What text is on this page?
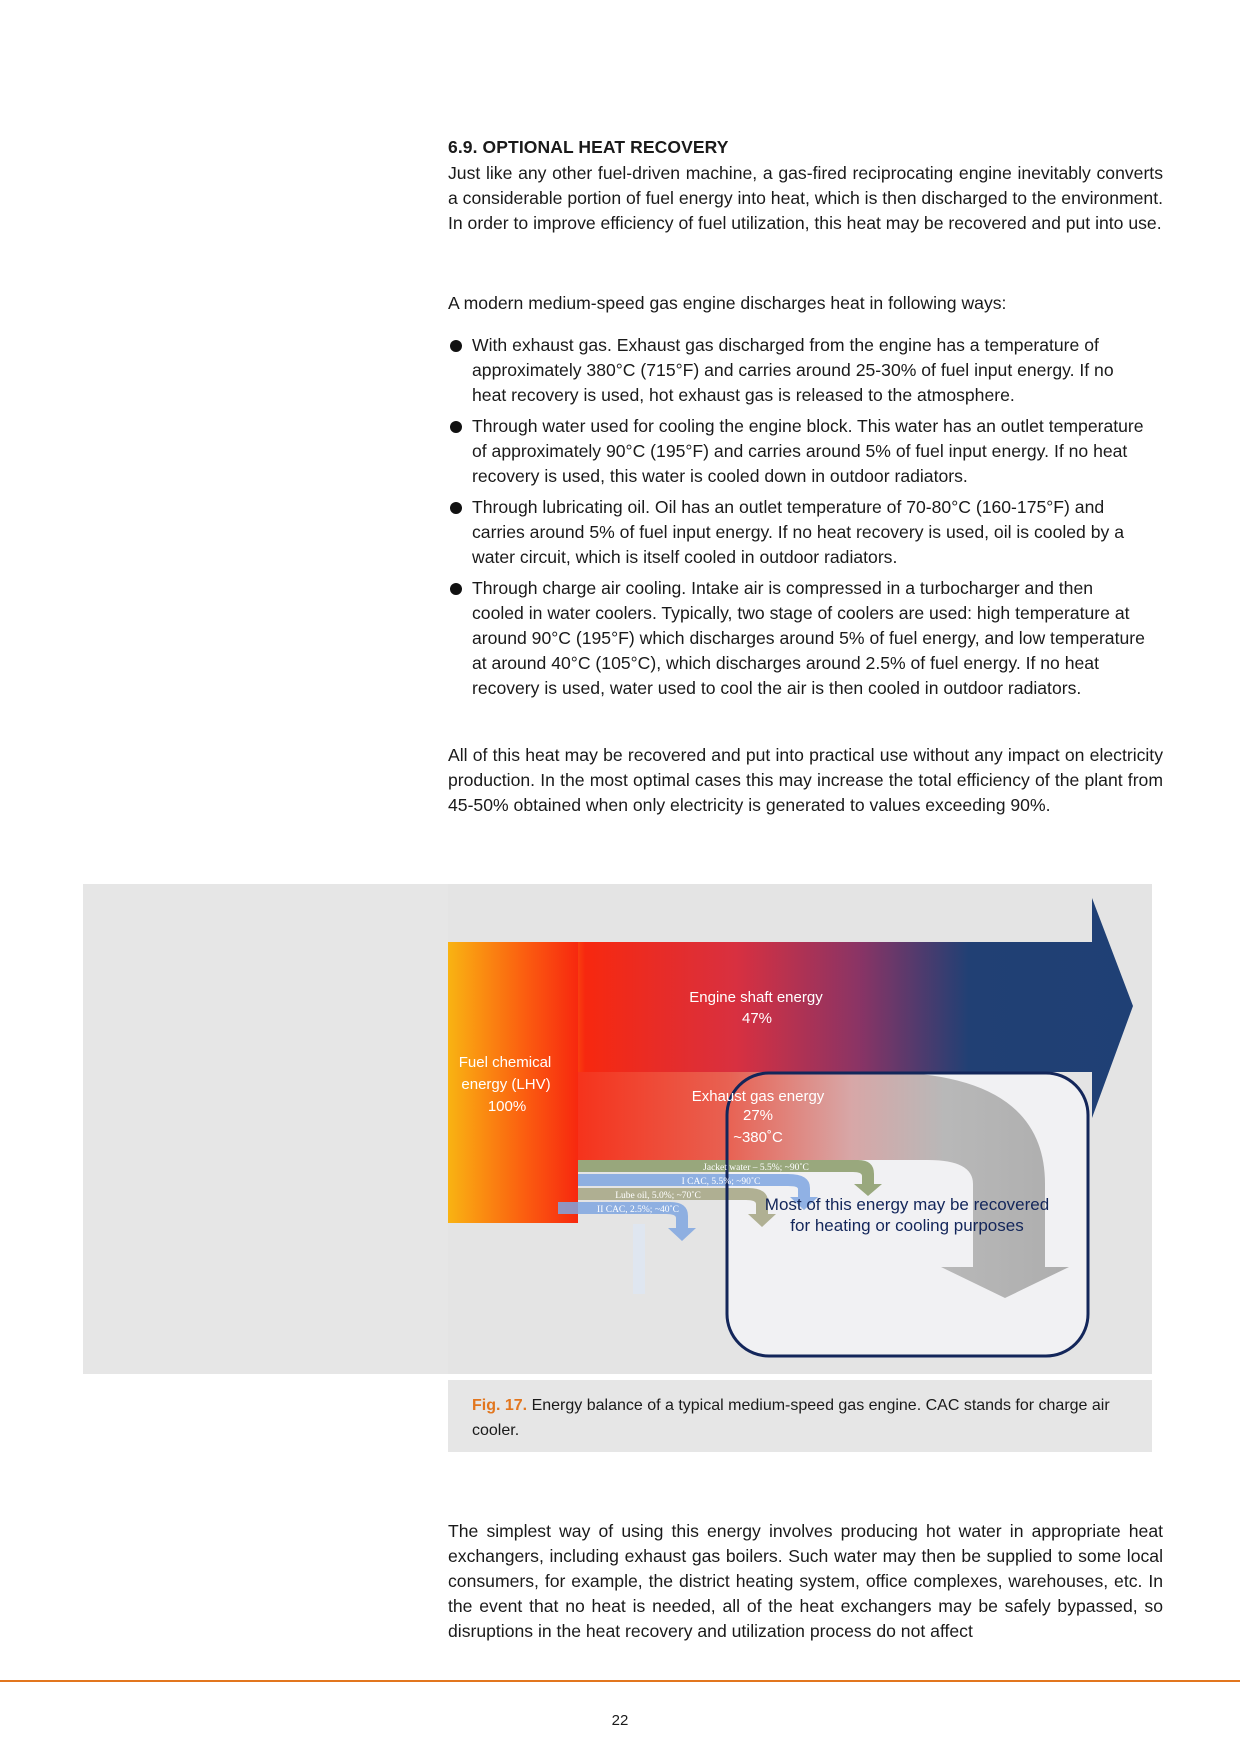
6.9. OPTIONAL HEAT RECOVERY
Just like any other fuel-driven machine, a gas-fired reciprocating engine inevitably converts a considerable portion of fuel energy into heat, which is then discharged to the environment. In order to improve efficiency of fuel utilization, this heat may be recovered and put into use.
A modern medium-speed gas engine discharges heat in following ways:
With exhaust gas. Exhaust gas discharged from the engine has a temperature of approximately 380°C (715°F) and carries around 25-30% of fuel input energy. If no heat recovery is used, hot exhaust gas is released to the atmosphere.
Through water used for cooling the engine block. This water has an outlet temperature of approximately 90°C (195°F) and carries around 5% of fuel input energy. If no heat recovery is used, this water is cooled down in outdoor radiators.
Through lubricating oil. Oil has an outlet temperature of 70-80°C (160-175°F) and carries around 5% of fuel input energy. If no heat recovery is used, oil is cooled by a water circuit, which is itself cooled in outdoor radiators.
Through charge air cooling. Intake air is compressed in a turbocharger and then cooled in water coolers. Typically, two stage of coolers are used: high temperature at around 90°C (195°F) which discharges around 5% of fuel energy, and low temperature at around 40°C (105°C), which discharges around 2.5% of fuel energy. If no heat recovery is used, water used to cool the air is then cooled in outdoor radiators.
All of this heat may be recovered and put into practical use without any impact on electricity production. In the most optimal cases this may increase the total efficiency of the plant from 45-50% obtained when only electricity is generated to values exceeding 90%.
Fuel chemical
energy (LHV)
100%
Engine shaft energy
47%
Exhaust gas energy
27%
~380˚C
Jacket water – 5.5%; ~90˚C
I CAC, 5.5%; ~90˚C
Lube oil, 5.0%; ~70˚C
II CAC, 2.5%; ~40˚C	Most of this energy may be recovered
for heating or cooling purposes
Fig. 17. Energy balance of a typical medium-speed gas engine. CAC stands for charge air cooler.
The simplest way of using this energy involves producing hot water in appropriate heat exchangers, including exhaust gas boilers. Such water may then be supplied to some local consumers, for example, the district heating system, office complexes, warehouses, etc. In the event that no heat is needed, all of the heat exchangers may be safely bypassed, so disruptions in the heat recovery and utilization process do not affect
22
